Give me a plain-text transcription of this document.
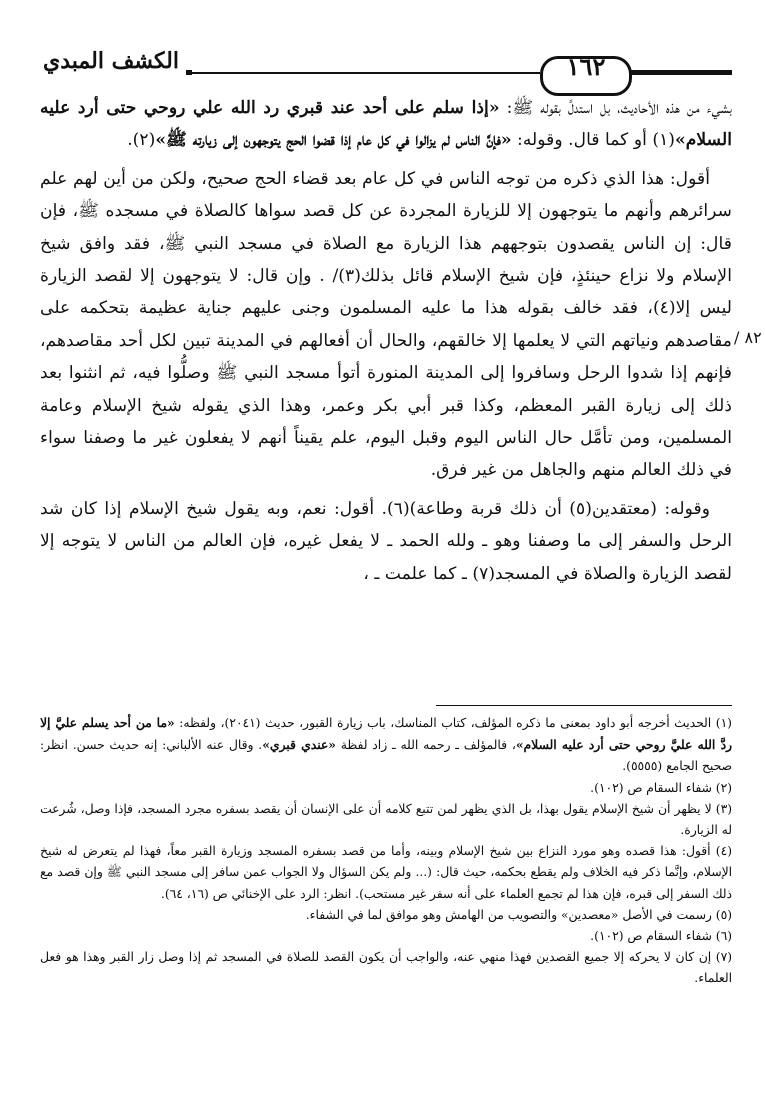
الكشف المبدي	١٦٢

بشيء من هذه الأحاديث، بل استدلَّ بقوله ﷺ: «إذا سلم على أحد عند قبري رد الله علي روحي حتى أرد عليه السلام»(١) أو كما قال. وقوله: «فإنَّ الناس لم يزالوا في كل عام إذا قضوا الحج يتوجهون إلى زيارته ﷺ»(٢).

أقول: هذا الذي ذكره من توجه الناس في كل عام بعد قضاء الحج صحيح، ولكن من أين لهم علم سرائرهم وأنهم ما يتوجهون إلا للزيارة المجردة عن كل قصد سواها كالصلاة في مسجده ﷺ، فإن قال: إن الناس يقصدون بتوجههم هذا الزيارة مع الصلاة في مسجد النبي ﷺ، فقد وافق شيخ الإسلام ولا نزاع حينئذٍ، فإن شيخ الإسلام قائل بذلك(٣)/ . وإن قال: لا يتوجهون إلا لقصد الزيارة ليس إلا(٤)، فقد خالف بقوله هذا ما عليه المسلمون وجنى عليهم جناية عظيمة بتحكمه على مقاصدهم ونياتهم التي لا يعلمها إلا خالقهم، والحال أن أفعالهم في المدينة تبين لكل أحد مقاصدهم، فإنهم إذا شدوا الرحل وسافروا إلى المدينة المنورة أتوأ مسجد النبي ﷺ وصلُّوا فيه، ثم انثنوا بعد ذلك إلى زيارة القبر المعظم، وكذا قبر أبي بكر وعمر، وهذا الذي يقوله شيخ الإسلام وعامة المسلمين، ومن تأمَّل حال الناس اليوم وقبل اليوم، علم يقيناً أنهم لا يفعلون غير ما وصفنا سواء في ذلك العالم منهم والجاهل من غير فرق.

وقوله: (معتقدين(٥) أن ذلك قربة وطاعة)(٦). أقول: نعم، وبه يقول شيخ الإسلام إذا كان شد الرحل والسفر إلى ما وصفنا وهو ـ ولله الحمد ـ لا يفعل غيره، فإن العالم من الناس لا يتوجه إلا لقصد الزيارة والصلاة في المسجد(٧) ـ كما علمت ـ ،

٨٢ /

(١) الحديث أخرجه أبو داود بمعنى ما ذكره المؤلف، كتاب المناسك، باب زيارة القبور، حديث (٢٠٤١)، ولفظه: «ما من أحد يسلم عليَّ إلا ردَّ الله عليَّ روحي حتى أرد عليه السلام»، فالمؤلف ـ رحمه الله ـ زاد لفظة «عندي قبري». وقال عنه الألباني: إنه حديث حسن. انظر: صحيح الجامع (٥٥٥٥).

(٢) شفاء السقام ص (١٠٢).

(٣) لا يظهر أن شيخ الإسلام يقول بهذا، بل الذي يظهر لمن تتبع كلامه أن على الإنسان أن يقصد بسفره مجرد المسجد، فإذا وصل، شُرعت له الزيارة.

(٤) أقول: هذا قصده وهو مورد النزاع بين شيخ الإسلام وبينه، وأما من قصد بسفره المسجد وزيارة القبر معاً، فهذا لم يتعرض له شيخ الإسلام، وإنَّما ذكر فيه الخلاف ولم يقطع بحكمه، حيث قال: (... ولم يكن السؤال ولا الجواب عمن سافر إلى مسجد النبي ﷺ وإن قصد مع ذلك السفر إلى قبره، فإن هذا لم تجمع العلماء على أنه سفر غير مستحب). انظر: الرد على الإخنائي ص (١٦، ٦٤).

(٥) رسمت في الأصل «معصدين» والتصويب من الهامش وهو موافق لما في الشفاء.

(٦) شفاء السقام ص (١٠٢).

(٧) إن كان لا يحركه إلا جميع القصدين فهذا منهي عنه، والواجب أن يكون القصد للصلاة في المسجد ثم إذا وصل زار القبر وهذا هو فعل العلماء.
